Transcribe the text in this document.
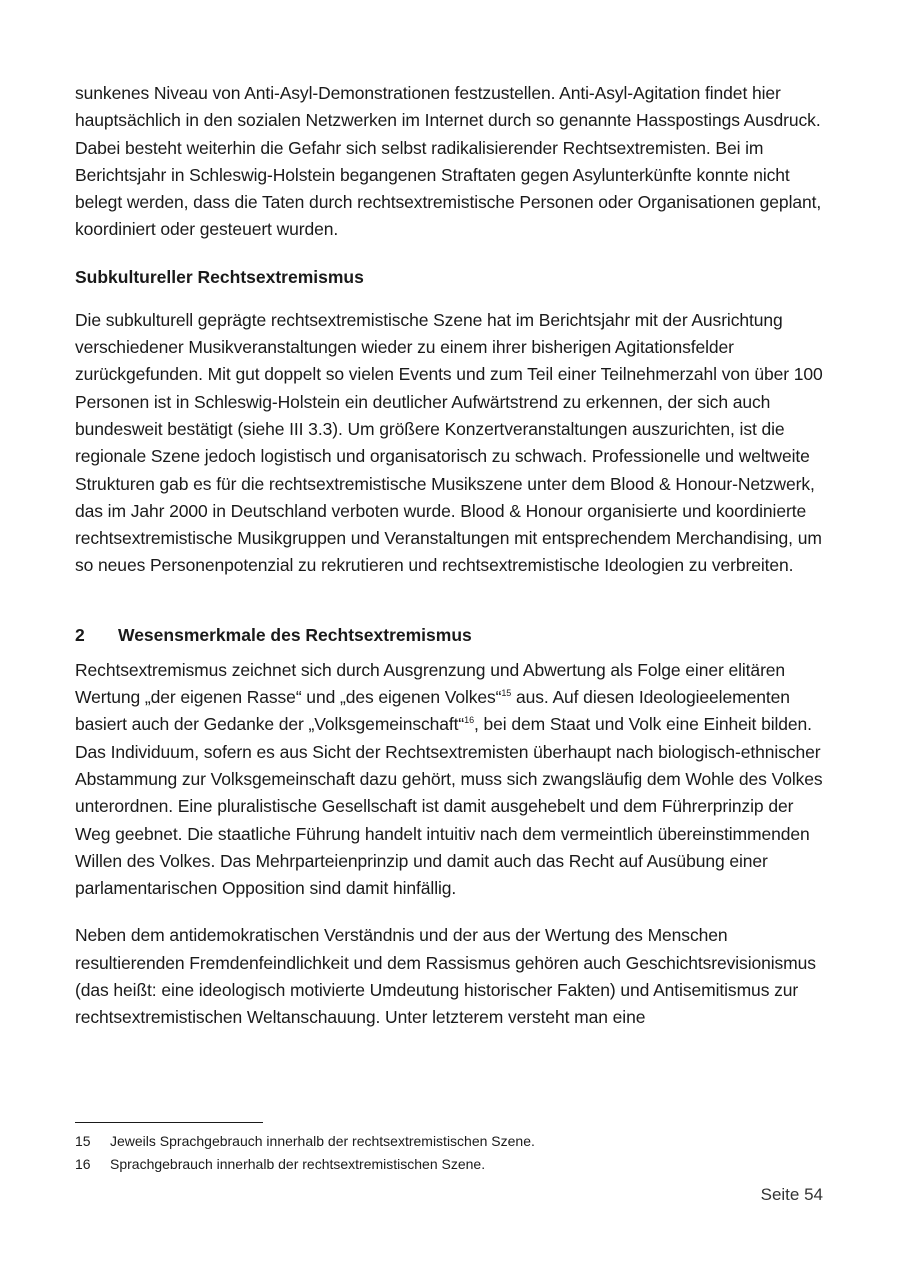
sunkenes Niveau von Anti-Asyl-Demonstrationen festzustellen. Anti-Asyl-Agitation findet hier hauptsächlich in den sozialen Netzwerken im Internet durch so genannte Hasspostings Ausdruck. Dabei besteht weiterhin die Gefahr sich selbst radikalisierender Rechtsextremisten. Bei im Berichtsjahr in Schleswig-Holstein begangenen Straftaten gegen Asylunterkünfte konnte nicht belegt werden, dass die Taten durch rechtsextremistische Personen oder Organisationen geplant, koordiniert oder gesteuert wurden.

Subkultureller Rechtsextremismus

Die subkulturell geprägte rechtsextremistische Szene hat im Berichtsjahr mit der Ausrichtung verschiedener Musikveranstaltungen wieder zu einem ihrer bisherigen Agitationsfelder zurückgefunden. Mit gut doppelt so vielen Events und zum Teil einer Teilnehmerzahl von über 100 Personen ist in Schleswig-Holstein ein deutlicher Aufwärtstrend zu erkennen, der sich auch bundesweit bestätigt (siehe III 3.3). Um größere Konzertveranstaltungen auszurichten, ist die regionale Szene jedoch logistisch und organisatorisch zu schwach. Professionelle und weltweite Strukturen gab es für die rechtsextremistische Musikszene unter dem Blood & Honour-Netzwerk, das im Jahr 2000 in Deutschland verboten wurde. Blood & Honour organisierte und koordinierte rechtsextremistische Musikgruppen und Veranstaltungen mit entsprechendem Merchandising, um so neues Personenpotenzial zu rekrutieren und rechtsextremistische Ideologien zu verbreiten.

2	Wesensmerkmale des Rechtsextremismus

Rechtsextremismus zeichnet sich durch Ausgrenzung und Abwertung als Folge einer elitären Wertung „der eigenen Rasse“ und „des eigenen Volkes“$^{15}$ aus. Auf diesen Ideologieelementen basiert auch der Gedanke der „Volksgemeinschaft“$^{16}$, bei dem Staat und Volk eine Einheit bilden. Das Individuum, sofern es aus Sicht der Rechtsextremisten überhaupt nach biologisch-ethnischer Abstammung zur Volksgemeinschaft dazu gehört, muss sich zwangsläufig dem Wohle des Volkes unterordnen. Eine pluralistische Gesellschaft ist damit ausgehebelt und dem Führerprinzip der Weg geebnet. Die staatliche Führung handelt intuitiv nach dem vermeintlich übereinstimmenden Willen des Volkes. Das Mehrparteienprinzip und damit auch das Recht auf Ausübung einer parlamentarischen Opposition sind damit hinfällig.

Neben dem antidemokratischen Verständnis und der aus der Wertung des Menschen resultierenden Fremdenfeindlichkeit und dem Rassismus gehören auch Geschichtsrevisionismus (das heißt: eine ideologisch motivierte Umdeutung historischer Fakten) und Antisemitismus zur rechtsextremistischen Weltanschauung. Unter letzterem versteht man eine

15	Jeweils Sprachgebrauch innerhalb der rechtsextremistischen Szene.
16	Sprachgebrauch innerhalb der rechtsextremistischen Szene.
Seite 54
